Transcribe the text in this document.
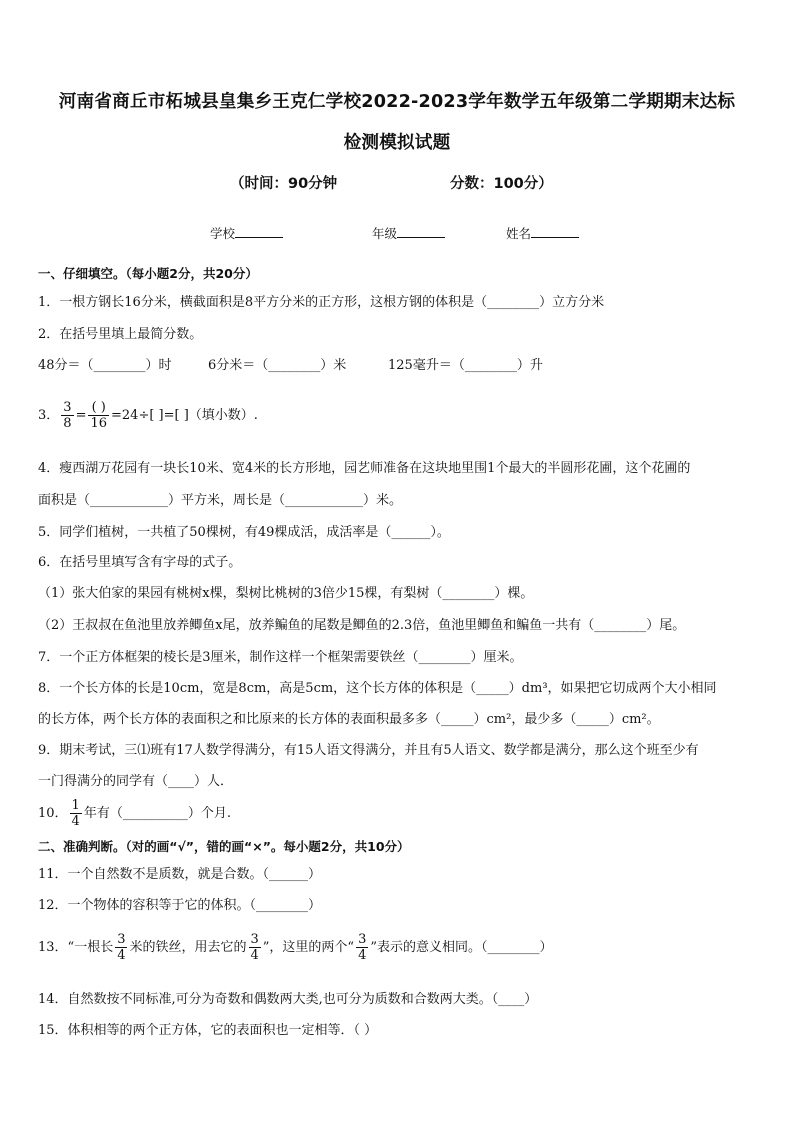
河南省商丘市柘城县皇集乡王克仁学校2022-2023学年数学五年级第二学期期末达标
检测模拟试题
（时间：90分钟	分数：100分）
学校	年级	姓名
一、仔细填空。（每小题2分，共20分）
1．一根方钢长16分米，横截面积是8平方分米的正方形，这根方钢的体积是（________）立方分米
2．在括号里填上最简分数。
48分＝（________）时	6分米＝（________）米	125毫升＝（________）升
3． $\frac{3}{8} = \frac{( )}{16} =24\div$[ ]=[ ]（填小数）.
4．瘦西湖万花园有一块长10米、宽4米的长方形地，园艺师准备在这块地里围1个最大的半圆形花圃，这个花圃的
面积是（____________）平方米，周长是（____________）米。
5．同学们植树，一共植了50棵树，有49棵成活，成活率是（______）。
6．在括号里填写含有字母的式子。
（1）张大伯家的果园有桃树x棵，梨树比桃树的3倍少15棵，有梨树（________）棵。
（2）王叔叔在鱼池里放养鲫鱼x尾，放养鳊鱼的尾数是鲫鱼的2.3倍，鱼池里鲫鱼和鳊鱼一共有（________）尾。
7．一个正方体框架的棱长是3厘米，制作这样一个框架需要铁丝（________）厘米。
8．一个长方体的长是10cm，宽是8cm，高是5cm，这个长方体的体积是（_____）dm³，如果把它切成两个大小相同
的长方体，两个长方体的表面积之和比原来的长方体的表面积最多多（_____）cm²，最少多（_____）cm²。
9．期末考试，三⑴班有17人数学得满分，有15人语文得满分，并且有5人语文、数学都是满分，那么这个班至少有
一门得满分的同学有（____）人．
10． $\frac{1}{4}$ 年有（__________）个月.
二、准确判断。（对的画“√”，错的画“×”。每小题2分，共10分）
11．一个自然数不是质数，就是合数。（______）
12．一个物体的容积等于它的体积。（________）
13．“一根长 $\frac{3}{4}$ 米的铁丝，用去它的 $\frac{3}{4}$ ”，这里的两个“ $\frac{3}{4}$ ”表示的意义相同。（________）
14．自然数按不同标准,可分为奇数和偶数两大类,也可分为质数和合数两大类。（____）
15．体积相等的两个正方体，它的表面积也一定相等．（ ）
